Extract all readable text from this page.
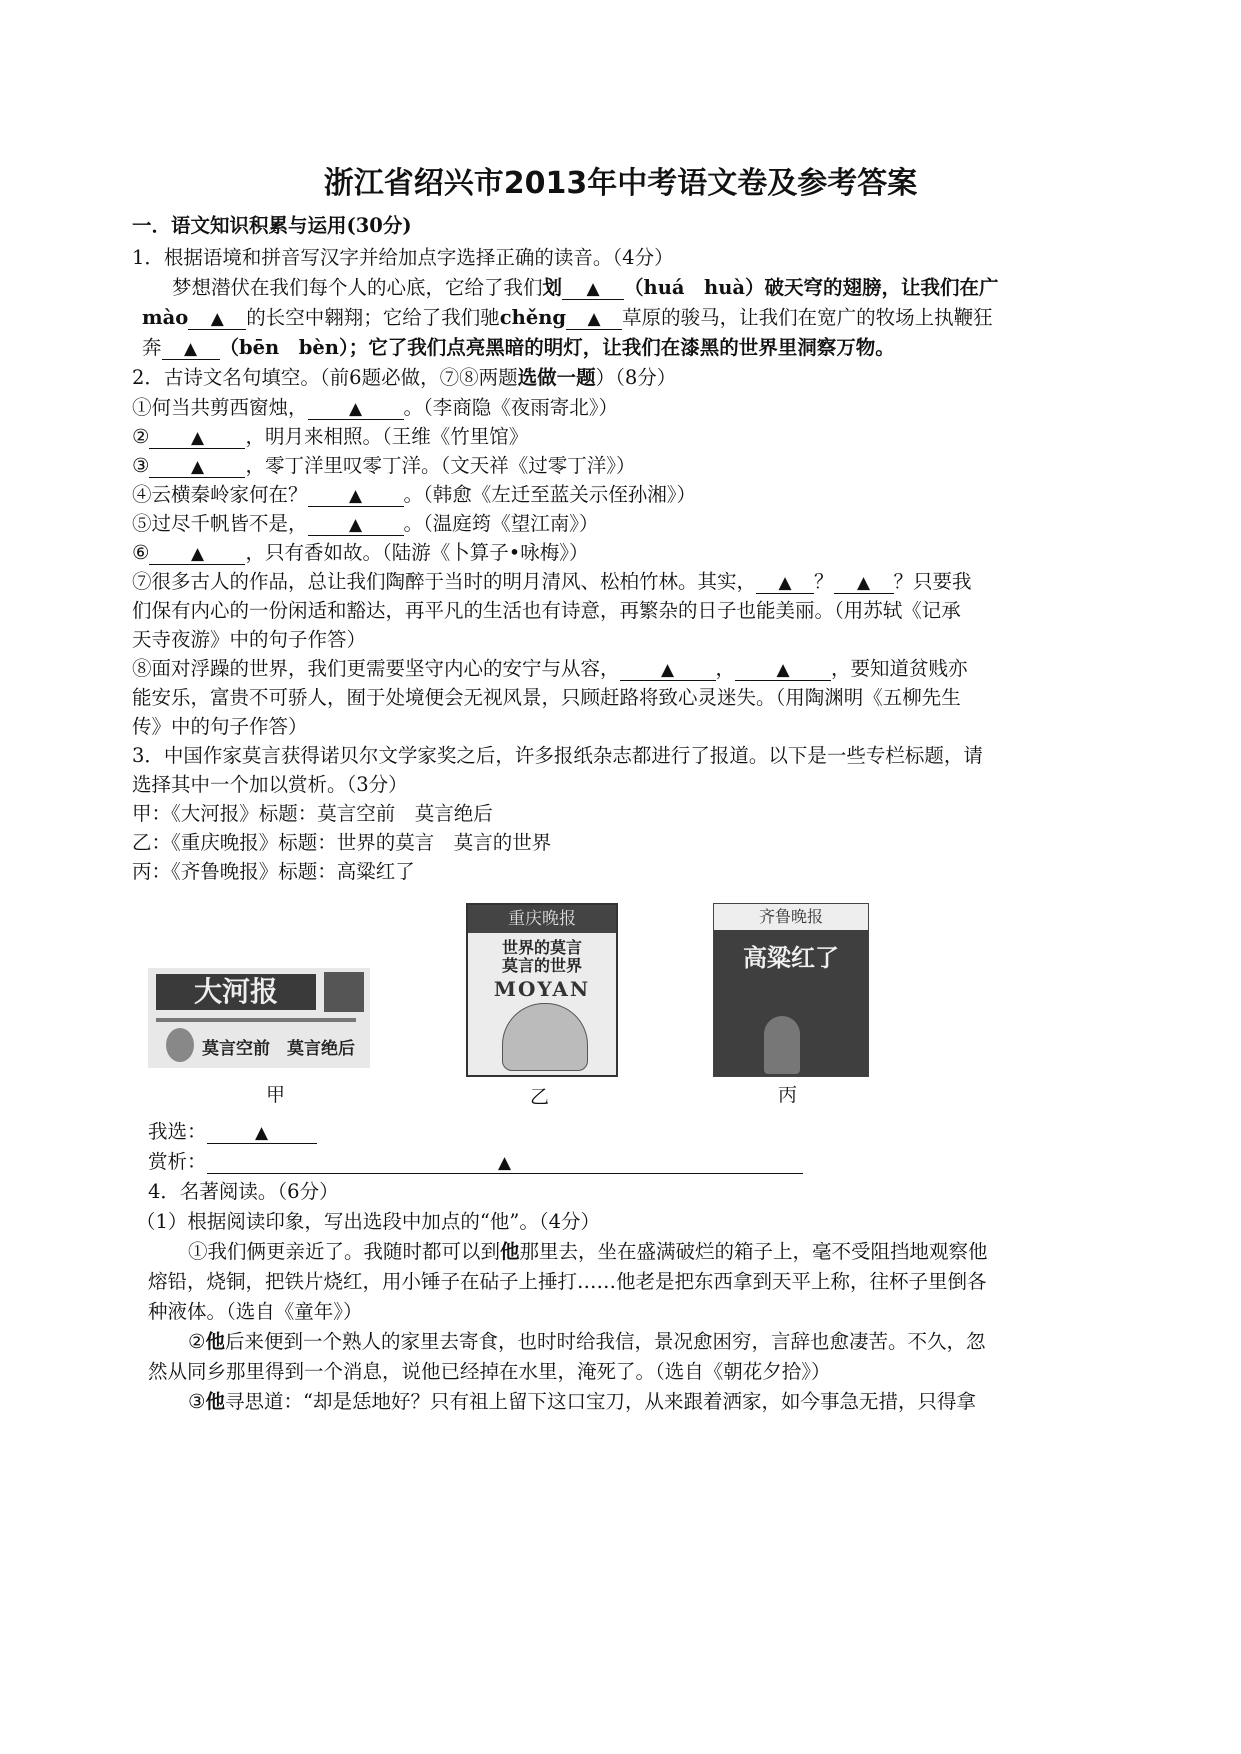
浙江省绍兴市2013年中考语文卷及参考答案
一．语文知识积累与运用(30分)
1．根据语境和拼音写汉字并给加点字选择正确的读音。（4分）
梦想潜伏在我们每个人的心底，它给了我们划 ▲ （huá　huà）破天穹的翅膀，让我们在广
mào ▲ 的长空中翱翔；它给了我们驰chěng ▲ 草原的骏马，让我们在宽广的牧场上执鞭狂
奔 ▲ （bēn　bèn）；它了我们点亮黑暗的明灯，让我们在漆黑的世界里洞察万物。
2．古诗文名句填空。（前6题必做，⑦⑧两题选做一题）（8分）
①何当共剪西窗烛， ▲ 。（李商隐《夜雨寄北》）
② ▲ ，明月来相照。（王维《竹里馆》
③ ▲ ，零丁洋里叹零丁洋。（文天祥《过零丁洋》）
④云横秦岭家何在？ ▲ 。（韩愈《左迁至蓝关示侄孙湘》）
⑤过尽千帆皆不是， ▲ 。（温庭筠《望江南》）
⑥ ▲ ，只有香如故。（陆游《卜算子•咏梅》）
⑦很多古人的作品，总让我们陶醉于当时的明月清风、松柏竹林。其实， ▲ ？ ▲ ？只要我
们保有内心的一份闲适和豁达，再平凡的生活也有诗意，再繁杂的日子也能美丽。（用苏轼《记承
天寺夜游》中的句子作答）
⑧面对浮躁的世界，我们更需要坚守内心的安宁与从容， ▲ ， ▲ ，要知道贫贱亦
能安乐，富贵不可骄人，囿于处境便会无视风景，只顾赶路将致心灵迷失。（用陶渊明《五柳先生
传》中的句子作答）
3．中国作家莫言获得诺贝尔文学家奖之后，许多报纸杂志都进行了报道。以下是一些专栏标题，请
选择其中一个加以赏析。（3分）
甲：《大河报》标题：莫言空前　莫言绝后
乙：《重庆晚报》标题：世界的莫言　莫言的世界
丙：《齐鲁晚报》标题：高粱红了
大河报
莫言空前　莫言绝后
重庆晚报
世界的莫言
莫言的世界
MOYAN
齐鲁晚报
高粱红了
甲	乙	丙
我选：	▲
赏析：	▲
4．名著阅读。（6分）
（1）根据阅读印象，写出选段中加点的“他”。（4分）
①我们俩更亲近了。我随时都可以到他那里去，坐在盛满破烂的箱子上，毫不受阻挡地观察他
熔铅，烧铜，把铁片烧红，用小锤子在砧子上捶打……他老是把东西拿到天平上称，往杯子里倒各
种液体。（选自《童年》）
②他后来便到一个熟人的家里去寄食，也时时给我信，景况愈困穷，言辞也愈凄苦。不久，忽
然从同乡那里得到一个消息，说他已经掉在水里，淹死了。（选自《朝花夕拾》）
③他寻思道：“却是恁地好？只有祖上留下这口宝刀，从来跟着洒家，如今事急无措，只得拿
